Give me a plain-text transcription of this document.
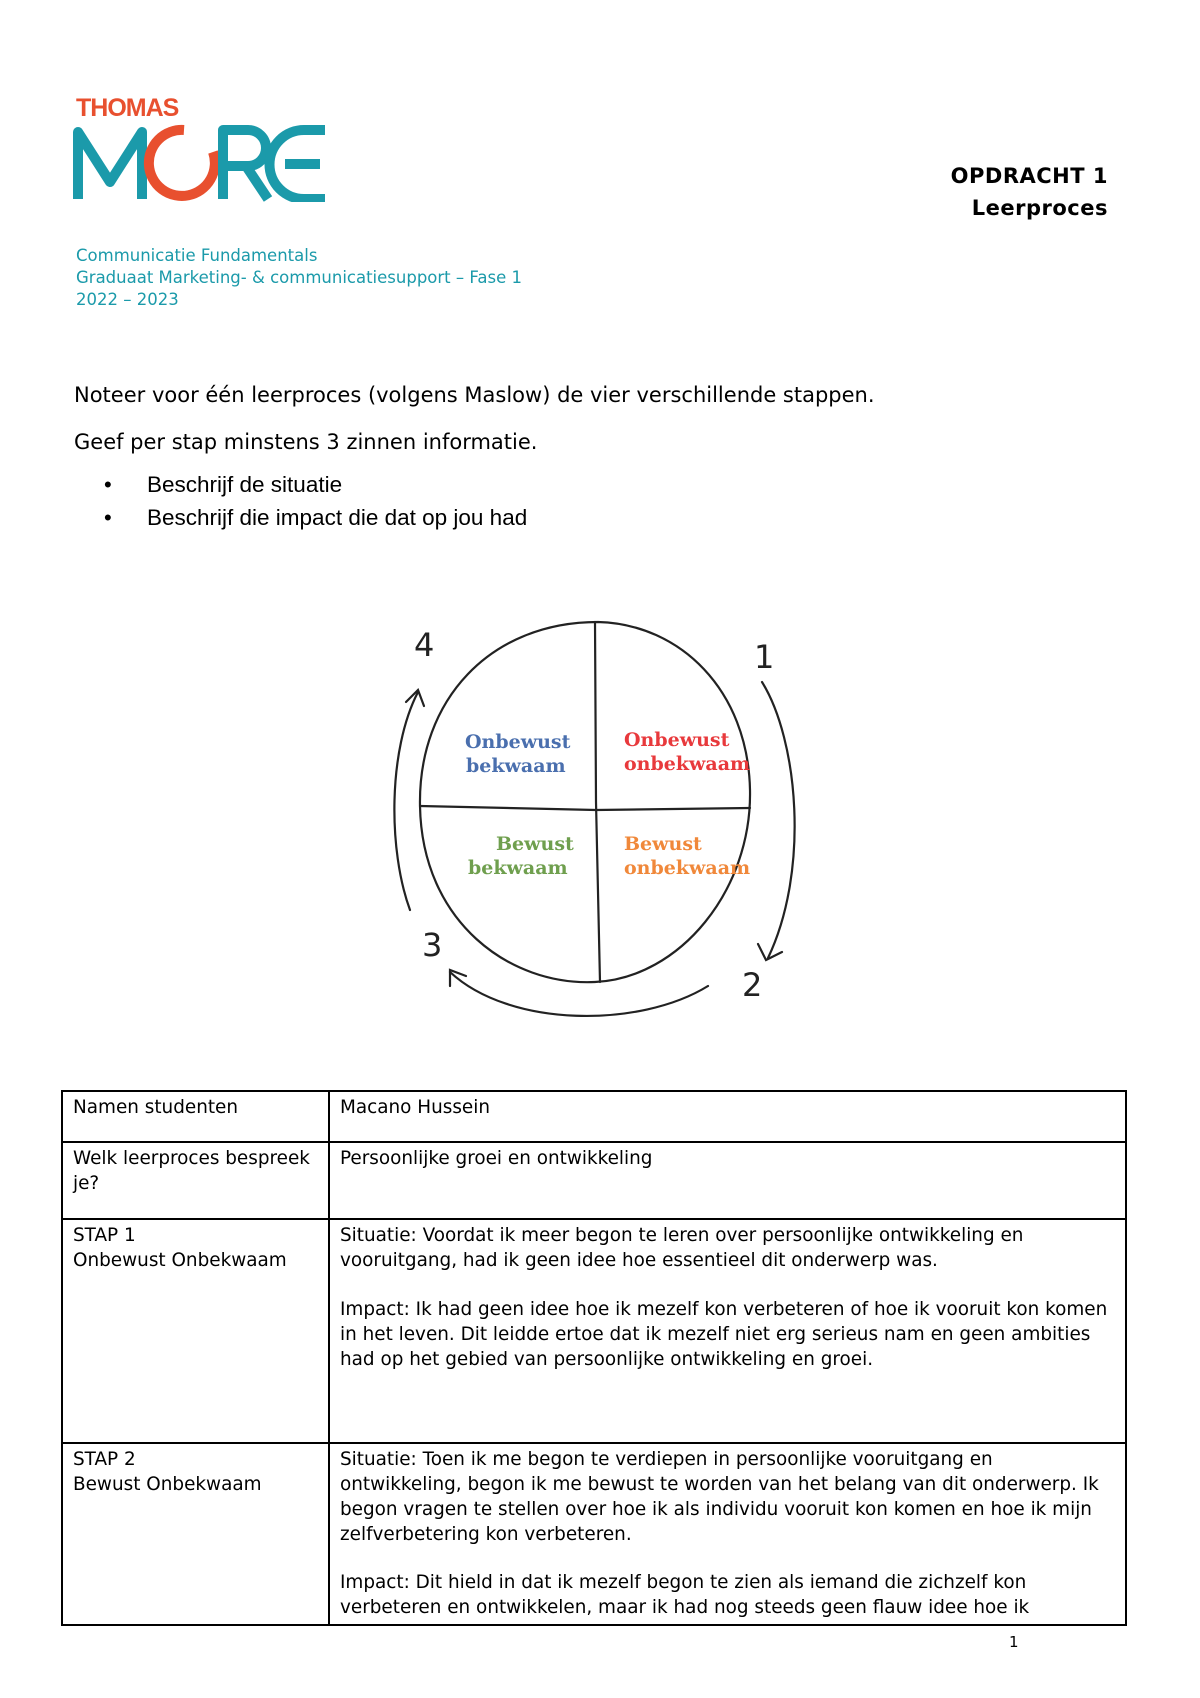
THOMAS
OPDRACHT 1
Leerproces
Communicatie Fundamentals
Graduaat Marketing- & communicatiesupport – Fase 1
2022 – 2023

Noteer voor één leerproces (volgens Maslow) de vier verschillende stappen.

Geef per stap minstens 3 zinnen informatie.

• Beschrijf de situatie
• Beschrijf die impact die dat op jou had
Onbewust
bekwaam
Onbewust
onbekwaam
Bewust
bekwaam
Bewust
onbekwaam
1
2
3
4
Namen studenten	Macano Hussein
Welk leerproces bespreek je?	Persoonlijke groei en ontwikkeling

STAP 1
Onbewust Onbekwaam	Situatie: Voordat ik meer begon te leren over persoonlijke ontwikkeling en vooruitgang, had ik geen idee hoe essentieel dit onderwerp was.
Impact: Ik had geen idee hoe ik mezelf kon verbeteren of hoe ik vooruit kon komen in het leven. Dit leidde ertoe dat ik mezelf niet erg serieus nam en geen ambities had op het gebied van persoonlijke ontwikkeling en groei.

STAP 2
Bewust Onbekwaam	Situatie: Toen ik me begon te verdiepen in persoonlijke vooruitgang en ontwikkeling, begon ik me bewust te worden van het belang van dit onderwerp. Ik begon vragen te stellen over hoe ik als individu vooruit kon komen en hoe ik mijn zelfverbetering kon verbeteren.
Impact: Dit hield in dat ik mezelf begon te zien als iemand die zichzelf kon verbeteren en ontwikkelen, maar ik had nog steeds geen flauw idee hoe ik
1
